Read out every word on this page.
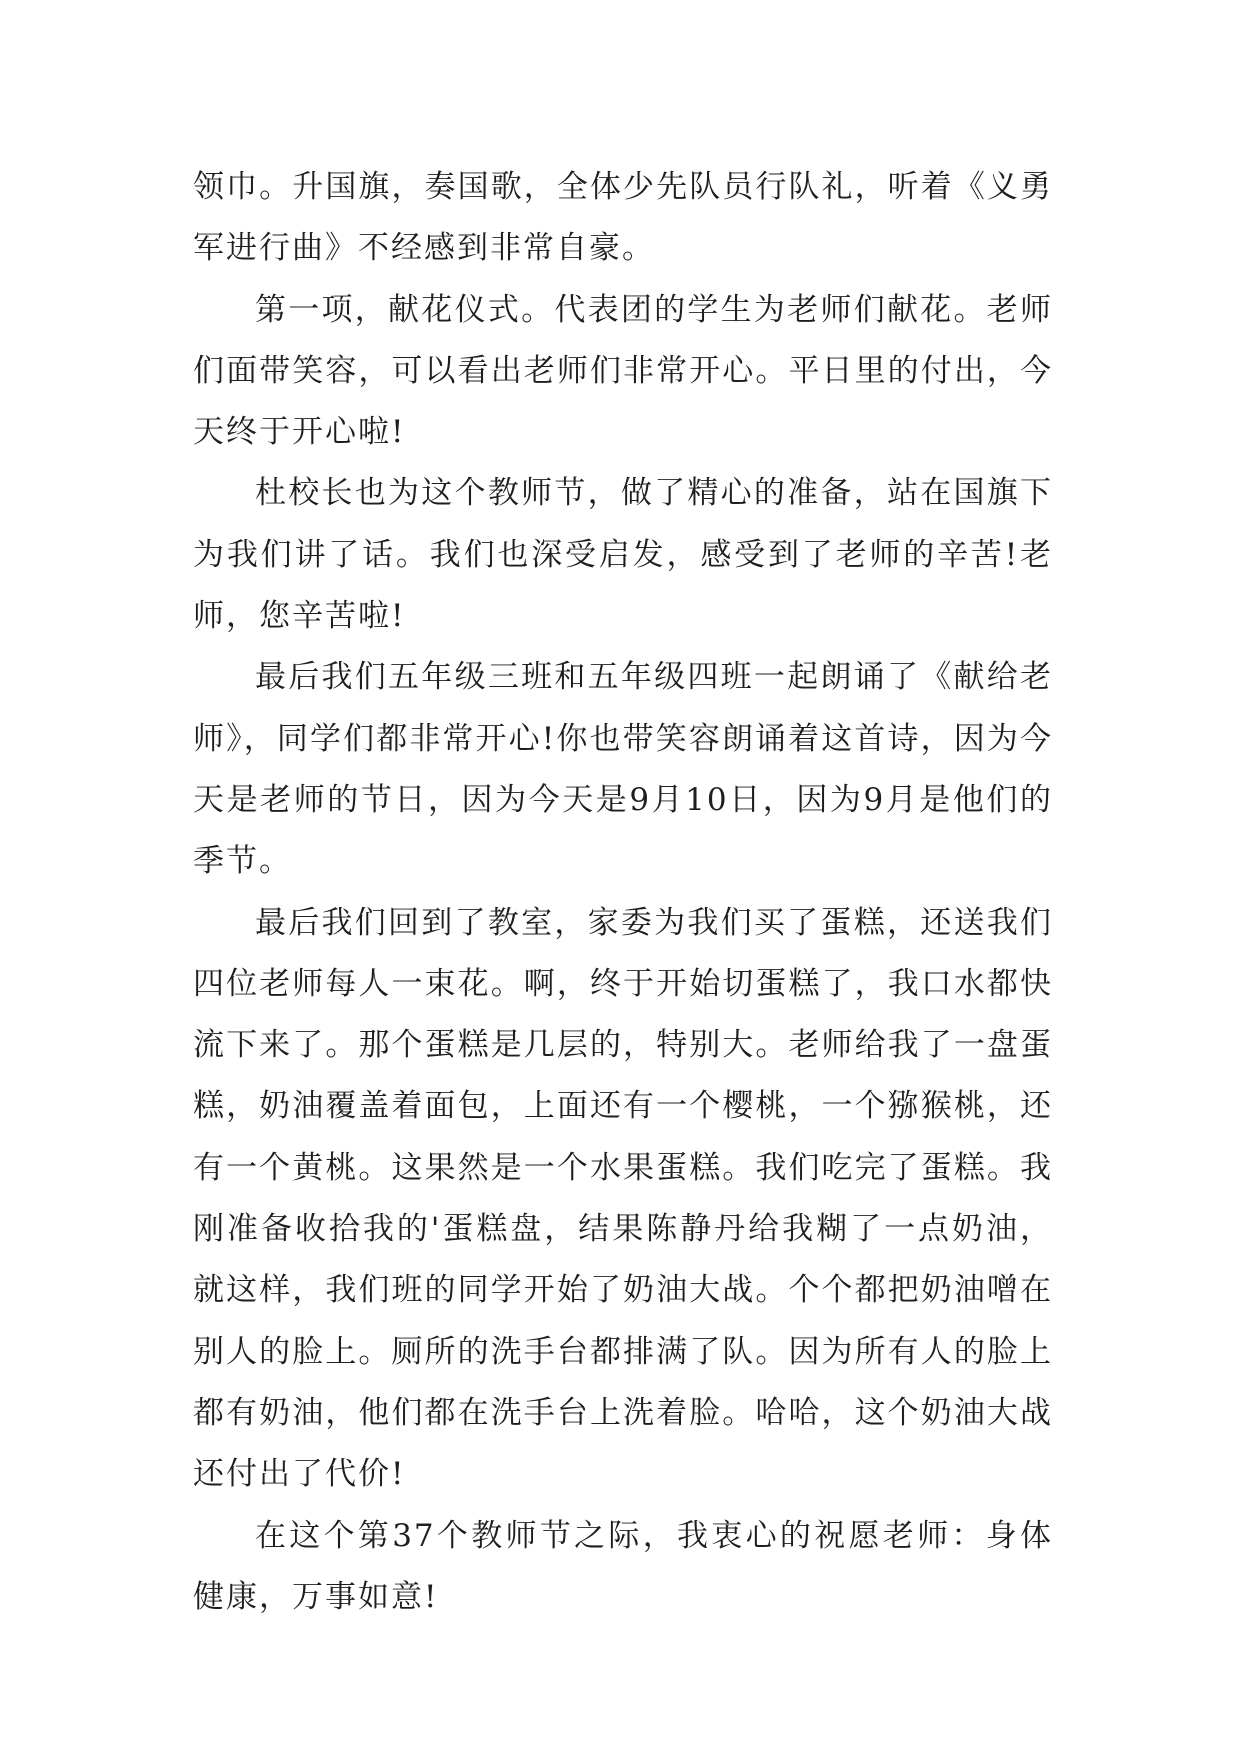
领巾。升国旗，奏国歌，全体少先队员行队礼，听着《义勇军进行曲》不经感到非常自豪。

第一项，献花仪式。代表团的学生为老师们献花。老师们面带笑容，可以看出老师们非常开心。平日里的付出，今天终于开心啦!

杜校长也为这个教师节，做了精心的准备，站在国旗下为我们讲了话。我们也深受启发，感受到了老师的辛苦!老师，您辛苦啦!

最后我们五年级三班和五年级四班一起朗诵了《献给老师》，同学们都非常开心!你也带笑容朗诵着这首诗，因为今天是老师的节日，因为今天是9月10日，因为9月是他们的季节。

最后我们回到了教室，家委为我们买了蛋糕，还送我们四位老师每人一束花。啊，终于开始切蛋糕了，我口水都快流下来了。那个蛋糕是几层的，特别大。老师给我了一盘蛋糕，奶油覆盖着面包，上面还有一个樱桃，一个猕猴桃，还有一个黄桃。这果然是一个水果蛋糕。我们吃完了蛋糕。我刚准备收拾我的'蛋糕盘，结果陈静丹给我糊了一点奶油，就这样，我们班的同学开始了奶油大战。个个都把奶油噌在别人的脸上。厕所的洗手台都排满了队。因为所有人的脸上都有奶油，他们都在洗手台上洗着脸。哈哈，这个奶油大战还付出了代价!

在这个第37个教师节之际，我衷心的祝愿老师：身体健康，万事如意!
